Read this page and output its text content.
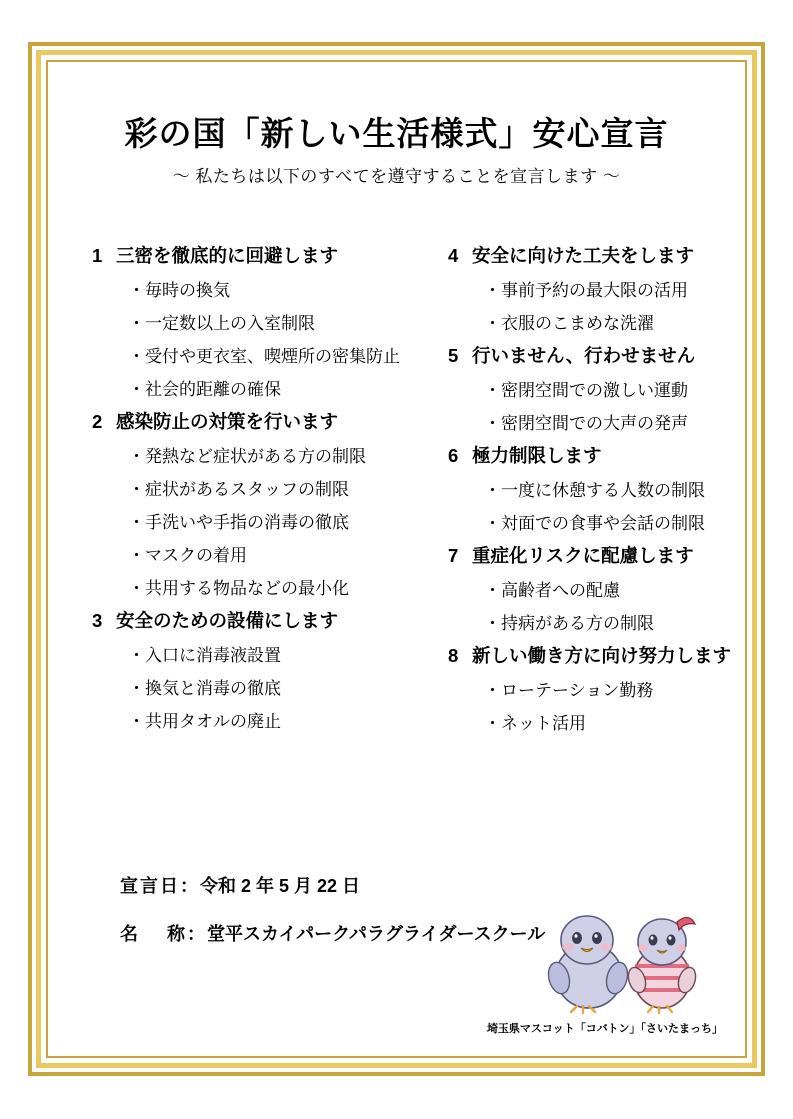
彩の国「新しい生活様式」安心宣言
～ 私たちは以下のすべてを遵守することを宣言します ～
1 三密を徹底的に回避します
・毎時の換気
・一定数以上の入室制限
・受付や更衣室、喫煙所の密集防止
・社会的距離の確保
2 感染防止の対策を行います
・発熱など症状がある方の制限
・症状があるスタッフの制限
・手洗いや手指の消毒の徹底
・マスクの着用
・共用する物品などの最小化
3 安全のための設備にします
・入口に消毒液設置
・換気と消毒の徹底
・共用タオルの廃止
4 安全に向けた工夫をします
・事前予約の最大限の活用
・衣服のこまめな洗濯
5 行いません、行わせません
・密閉空間での激しい運動
・密閉空間での大声の発声
6 極力制限します
・一度に休憩する人数の制限
・対面での食事や会話の制限
7 重症化リスクに配慮します
・高齢者への配慮
・持病がある方の制限
8 新しい働き方に向け努力します
・ローテーション勤務
・ネット活用
宣言日：令和 2 年 5 月 22 日
名　 称：堂平スカイパークパラグライダースクール
埼玉県マスコット「コバトン」「さいたまっち」
